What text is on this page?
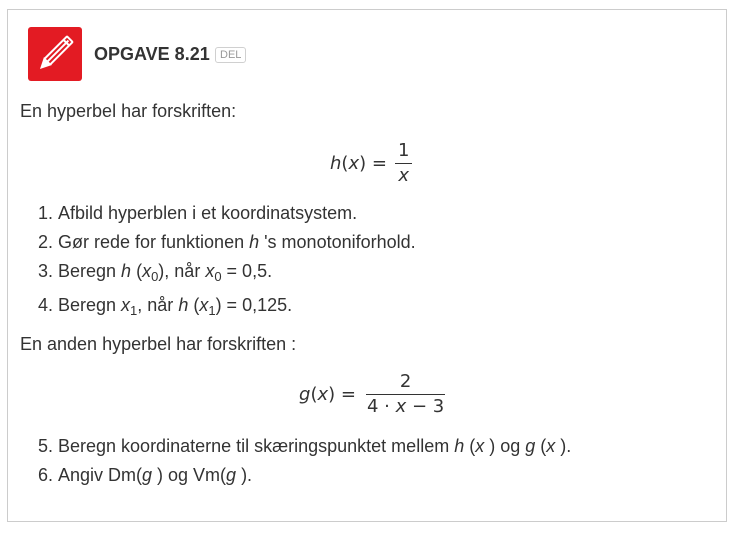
OPGAVE 8.21 DEL
En hyperbel har forskriften:
$h(x) = \frac{1}{x}$
1. Afbild hyperblen i et koordinatsystem.
2. Gør rede for funktionen h 's monotoniforhold.
3. Beregn h $(x_0)$, når $x_0 = 0,5$.
4. Beregn $x_1$, når h $(x_1) = 0,125$.
En anden hyperbel har forskriften :
$g(x) = \frac{2}{4 \cdot x - 3}$
5. Beregn koordinaterne til skæringspunktet mellem h (x ) og g (x ).
6. Angiv Dm(g ) og Vm(g ).
